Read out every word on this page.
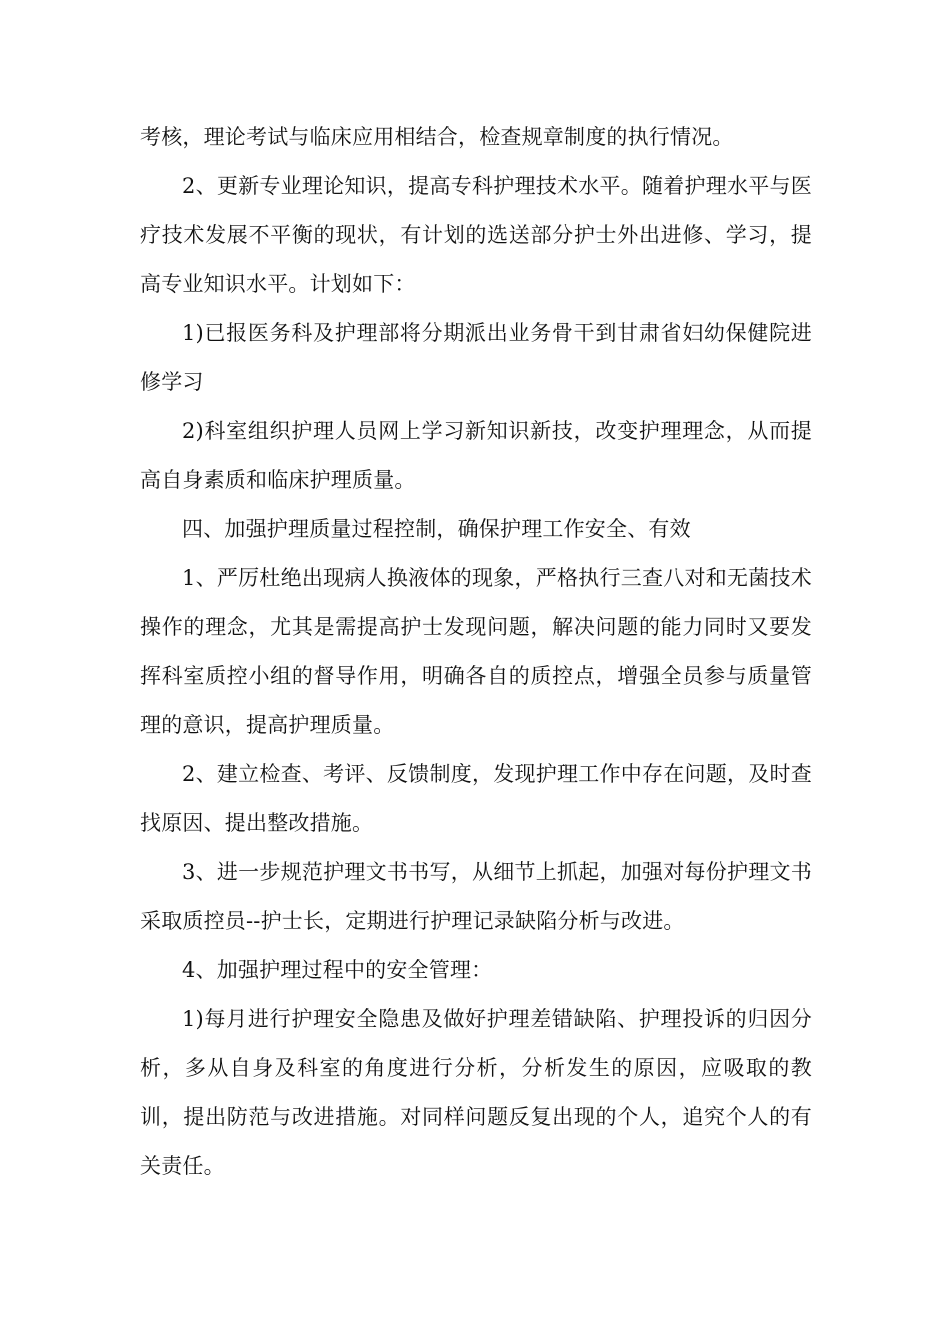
考核，理论考试与临床应用相结合，检查规章制度的执行情况。

2、更新专业理论知识，提高专科护理技术水平。随着护理水平与医疗技术发展不平衡的现状，有计划的选送部分护士外出进修、学习，提高专业知识水平。计划如下：

1)已报医务科及护理部将分期派出业务骨干到甘肃省妇幼保健院进修学习

2)科室组织护理人员网上学习新知识新技，改变护理理念，从而提高自身素质和临床护理质量。

四、加强护理质量过程控制，确保护理工作安全、有效

1、严厉杜绝出现病人换液体的现象，严格执行三查八对和无菌技术操作的理念，尤其是需提高护士发现问题，解决问题的能力同时又要发挥科室质控小组的督导作用，明确各自的质控点，增强全员参与质量管理的意识，提高护理质量。

2、建立检查、考评、反馈制度，发现护理工作中存在问题，及时查找原因、提出整改措施。

3、进一步规范护理文书书写，从细节上抓起，加强对每份护理文书采取质控员--护士长，定期进行护理记录缺陷分析与改进。

4、加强护理过程中的安全管理：

1)每月进行护理安全隐患及做好护理差错缺陷、护理投诉的归因分析，多从自身及科室的角度进行分析，分析发生的原因，应吸取的教训，提出防范与改进措施。对同样问题反复出现的个人，追究个人的有关责任。
